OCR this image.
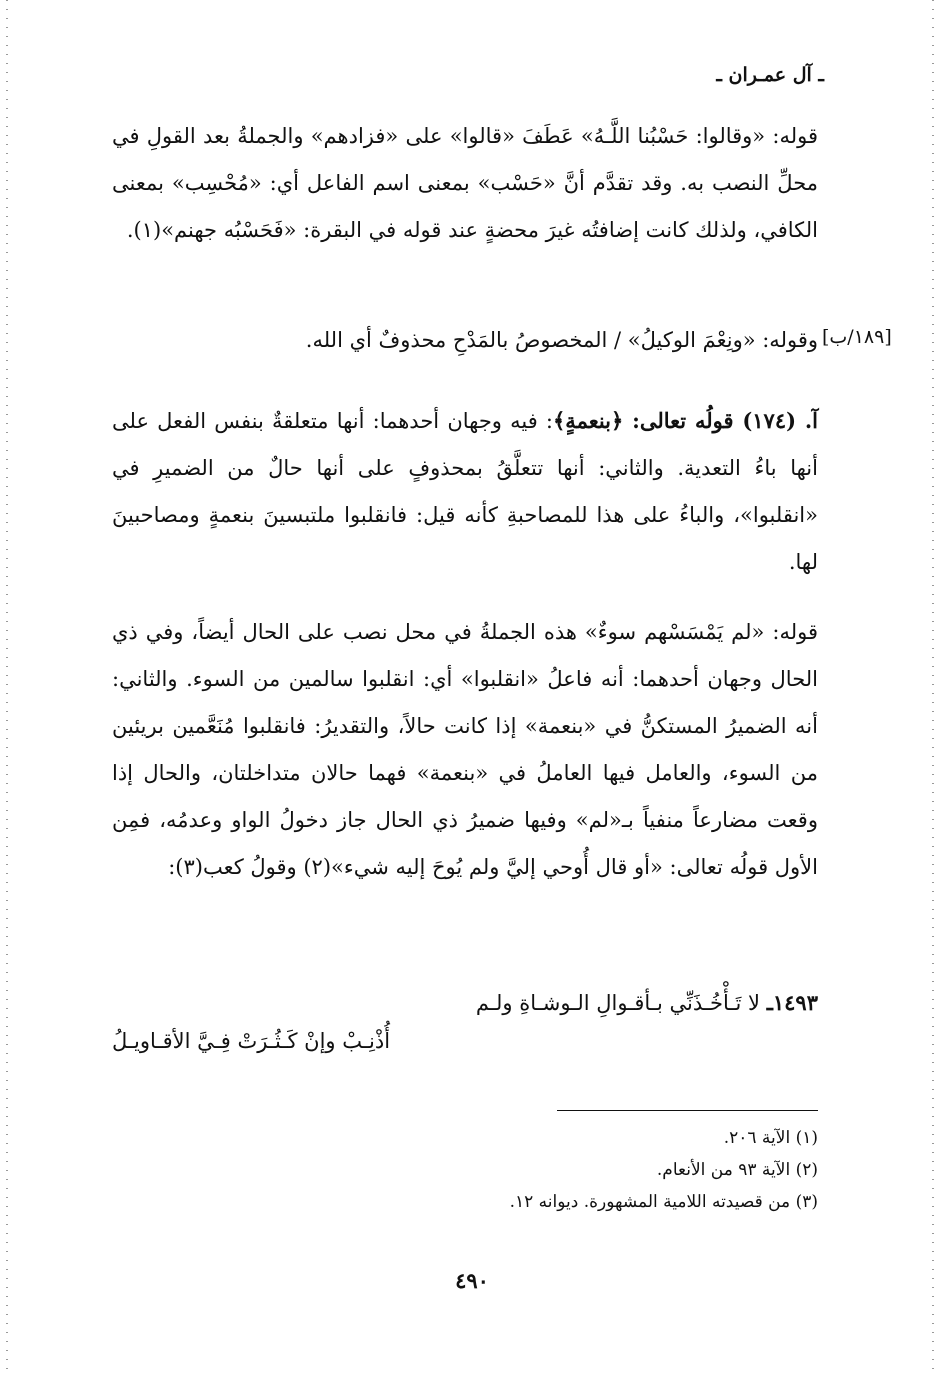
ـ آل عمـران ـ
قوله: «وقالوا: حَسْبُنا اللَّـهُ» عَطَفَ «قالوا» على «فزادهم» والجملةُ بعد القولِ في محلِّ النصب به. وقد تقدَّم أنَّ «حَسْب» بمعنى اسم الفاعل أي: «مُحْسِب» بمعنى الكافي، ولذلك كانت إضافتُه غيرَ محضةٍ عند قوله في البقرة: «فَحَسْبُه جهنم»(١).
[١٨٩/ب]
وقوله: «ونِعْمَ الوكيلُ» / المخصوصُ بالمَدْحِ محذوفٌ أي الله.
آ. (١٧٤) قولُه تعالى: ﴿بنعمةٍ﴾: فيه وجهان أحدهما: أنها متعلقةٌ بنفس الفعل على أنها باءُ التعدية. والثاني: أنها تتعلَّقُ بمحذوفٍ على أنها حالٌ من الضميرِ في «انقلبوا»، والباءُ على هذا للمصاحبةِ كأنه قيل: فانقلبوا ملتبسينَ بنعمةٍ ومصاحبينَ لها.
قوله: «لم يَمْسَسْهم سوءٌ» هذه الجملةُ في محل نصب على الحال أيضاً، وفي ذي الحال وجهان أحدهما: أنه فاعلُ «انقلبوا» أي: انقلبوا سالمين من السوء. والثاني: أنه الضميرُ المستكنُّ في «بنعمة» إذا كانت حالاً، والتقديرُ: فانقلبوا مُنَعَّمين بريئين من السوء، والعامل فيها العاملُ في «بنعمة» فهما حالان متداخلتان، والحال إذا وقعت مضارعاً منفياً بـ«لم» وفيها ضميرُ ذي الحال جاز دخولُ الواو وعدمُه، فمِن الأول قولُه تعالى: «أو قال أُوحي إليَّ ولم يُوحَ إليه شيء»(٢) وقولُ كعب(٣):
١٤٩٣ـ لا تَـأْخُـذَنِّي بـأقـوالِ الـوشـاةِ ولـم
أُذْنِـبْ وإنْ كَـثُـرَتْ فِـيَّ الأقـاويـلُ
(١) الآية ٢٠٦.
(٢) الآية ٩٣ من الأنعام.
(٣) من قصيدته اللامية المشهورة. ديوانه ١٢.
٤٩٠
